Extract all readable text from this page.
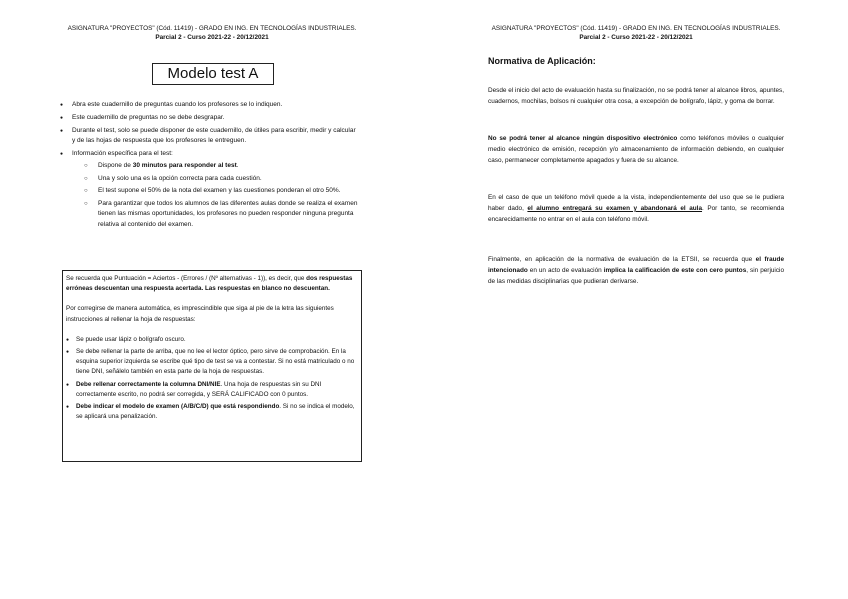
ASIGNATURA "PROYECTOS" (Cód. 11419) - GRADO EN ING. EN TECNOLOGÍAS INDUSTRIALES.
Parcial 2 - Curso 2021-22 - 20/12/2021
Modelo test A
● Abra este cuadernillo de preguntas cuando los profesores se lo indiquen.
● Este cuadernillo de preguntas no se debe desgrapar.
● Durante el test, solo se puede disponer de este cuadernillo, de útiles para escribir, medir y calcular y de las hojas de respuesta que los profesores le entreguen.
● Información específica para el test:
○ Dispone de 30 minutos para responder al test.
○ Una y solo una es la opción correcta para cada cuestión.
○ El test supone el 50% de la nota del examen y las cuestiones ponderan el otro 50%.
○ Para garantizar que todos los alumnos de las diferentes aulas donde se realiza el examen tienen las mismas oportunidades, los profesores no pueden responder ninguna pregunta relativa al contenido del examen.

Se recuerda que Puntuación = Aciertos - (Errores / (Nº alternativas - 1)), es decir, que dos respuestas erróneas descuentan una respuesta acertada. Las respuestas en blanco no descuentan.

Por corregirse de manera automática, es imprescindible que siga al pie de la letra las siguientes instrucciones al rellenar la hoja de respuestas:

● Se puede usar lápiz o bolígrafo oscuro.
● Se debe rellenar la parte de arriba, que no lee el lector óptico, pero sirve de comprobación. En la esquina superior izquierda se escribe qué tipo de test se va a contestar. Si no está matriculado o no tiene DNI, señálelo también en esta parte de la hoja de respuestas.
● Debe rellenar correctamente la columna DNI/NIE. Una hoja de respuestas sin su DNI correctamente escrito, no podrá ser corregida, y SERÁ CALIFICADO con 0 puntos.
● Debe indicar el modelo de examen (A/B/C/D) que está respondiendo. Si no se indica el modelo, se aplicará una penalización.
ASIGNATURA "PROYECTOS" (Cód. 11419) - GRADO EN ING. EN TECNOLOGÍAS INDUSTRIALES.
Parcial 2 - Curso 2021-22 - 20/12/2021
Normativa de Aplicación:

Desde el inicio del acto de evaluación hasta su finalización, no se podrá tener al alcance libros, apuntes, cuadernos, mochilas, bolsos ni cualquier otra cosa, a excepción de bolígrafo, lápiz, y goma de borrar.

No se podrá tener al alcance ningún dispositivo electrónico como teléfonos móviles o cualquier medio electrónico de emisión, recepción y/o almacenamiento de información debiendo, en cualquier caso, permanecer completamente apagados y fuera de su alcance.

En el caso de que un teléfono móvil quede a la vista, independientemente del uso que se le pudiera haber dado, el alumno entregará su examen y abandonará el aula. Por tanto, se recomienda encarecidamente no entrar en el aula con teléfono móvil.

Finalmente, en aplicación de la normativa de evaluación de la ETSII, se recuerda que el fraude intencionado en un acto de evaluación implica la calificación de este con cero puntos, sin perjuicio de las medidas disciplinarias que pudieran derivarse.
